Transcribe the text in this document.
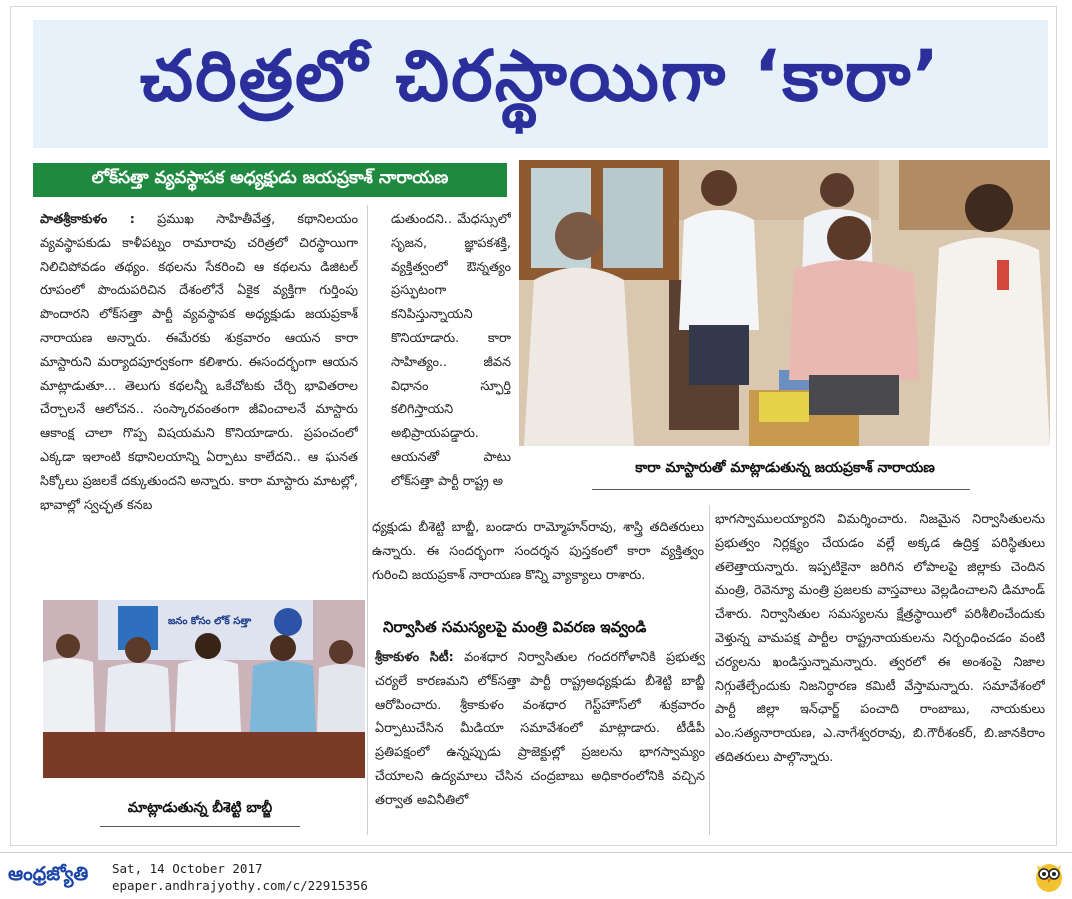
చరిత్రలో చిరస్థాయిగా ‘కారా’
లోక్‌సత్తా వ్యవస్థాపక అధ్యక్షుడు జయప్రకాశ్ నారాయణ

పాతశ్రీకాకుళం : ప్రముఖ సాహితీవేత్త, కథానిలయం వ్యవస్థాపకుడు కాళీపట్నం రామారావు చరిత్రలో చిరస్థాయిగా నిలిచిపోవడం తథ్యం. కథలను సేకరించి ఆ కథలను డిజిటల్ రూపంలో పొందుపరిచిన దేశంలోనే ఏకైక వ్యక్తిగా గుర్తింపు పొందారని లోక్‌సత్తా పార్టీ వ్యవస్థాపక అధ్యక్షుడు జయప్రకాశ్ నారాయణ అన్నారు. ఈమేరకు శుక్రవారం ఆయన కారా మాస్టారుని మర్యాదపూర్వకంగా కలిశారు. ఈసందర్భంగా ఆయన మాట్లాడుతూ... తెలుగు కథలన్నీ ఒకేచోటకు చేర్చి భావితరాల చేర్చాలనే ఆలోచన.. సంస్కారవంతంగా జీవించాలనే మాస్టారు ఆకాంక్ష చాలా గొప్ప విషయమని కొనియాడారు. ప్రపంచంలో ఎక్కడా ఇలాంటి కథానిలయాన్ని ఏర్పాటు కాలేదని.. ఆ ఘనత సిక్కోలు ప్రజలకే దక్కుతుందని అన్నారు. కారా మాస్టారు మాటల్లో, భావాల్లో స్వచ్ఛత కనబ

డుతుందని.. మేధస్సులో సృజన, జ్ఞాపకశక్తి, వ్యక్తిత్వంలో ఔన్నత్యం ప్రస్ఫుటంగా కనిపిస్తున్నాయని కొనియాడారు. కారా సాహిత్యం.. జీవన విధానం స్ఫూర్తి కలిగిస్తాయని అభిప్రాయపడ్డారు. ఆయనతో పాటు లోక్‌సత్తా పార్టీ రాష్ట్ర అ

ధ్యక్షుడు బీశెట్టి బాబ్జీ, బండారు రామ్మోహన్‌రావు, శాస్త్రి తదితరులు ఉన్నారు. ఈ సందర్భంగా సందర్శన పుస్తకంలో కారా వ్యక్తిత్వం గురించి జయప్రకాశ్ నారాయణ కొన్ని వ్యాక్యాలు రాశారు.

కారా మాస్టారుతో మాట్లాడుతున్న జయప్రకాశ్ నారాయణ

భాగస్వాములయ్యారని విమర్శించారు. నిజమైన నిర్వాసితులను ప్రభుత్వం నిర్లక్ష్యం చేయడం వల్లే అక్కడ ఉద్రిక్త పరిస్థితులు తలెత్తాయన్నారు. ఇప్పటికైనా జరిగిన లోపాలపై జిల్లాకు చెందిన మంత్రి, రెవెన్యూ మంత్రి ప్రజలకు వాస్తవాలు వెల్లడించాలని డిమాండ్ చేశారు. నిర్వాసితుల సమస్యలను క్షేత్రస్థాయిలో పరిశీలించేందుకు వెళ్తున్న వామపక్ష పార్టీల రాష్ట్రనాయకులను నిర్బంధించడం వంటి చర్యలను ఖండిస్తున్నామన్నారు. త్వరలో ఈ అంశంపై నిజాల నిగ్గుతేల్చేందుకు నిజనిర్ధారణ కమిటీ వేస్తామన్నారు. సమావేశంలో పార్టీ జిల్లా ఇన్‌ఛార్జ్ పంచాది రాంబాబు, నాయకులు ఎం.సత్యనారాయణ, ఎ.నాగేశ్వరరావు, బి.గౌరీశంకర్, బి.జానకిరాం తదితరులు పాల్గొన్నారు.

జనం కోసం లోక్‌ సత్తా
మాట్లాడుతున్న బీశెట్టి బాబ్జీ
నిర్వాసిత సమస్యలపై మంత్రి వివరణ ఇవ్వండి

శ్రీకాకుళం సిటీ: వంశధార నిర్వాసితుల గందరగోళానికి ప్రభుత్వ చర్యలే కారణమని లోక్‌సత్తా పార్టీ రాష్ట్రఅధ్యక్షుడు బీశెట్టి బాబ్జీ ఆరోపించారు. శ్రీకాకుళం వంశధార గెస్ట్‌హౌస్‌లో శుక్రవారం ఏర్పాటుచేసిన మీడియా సమావేశంలో మాట్లాడారు. టీడీపీ ప్రతిపక్షంలో ఉన్నప్పుడు ప్రాజెక్టుల్లో ప్రజలను భాగస్వామ్యం చేయాలని ఉద్యమాలు చేసిన చంద్రబాబు అధికారంలోనికి వచ్చిన తర్వాత అవినీతిలో

ఆంధ్రజ్యోతి Sat, 14 October 2017
epaper.andhrajyothy.com/c/22915356
